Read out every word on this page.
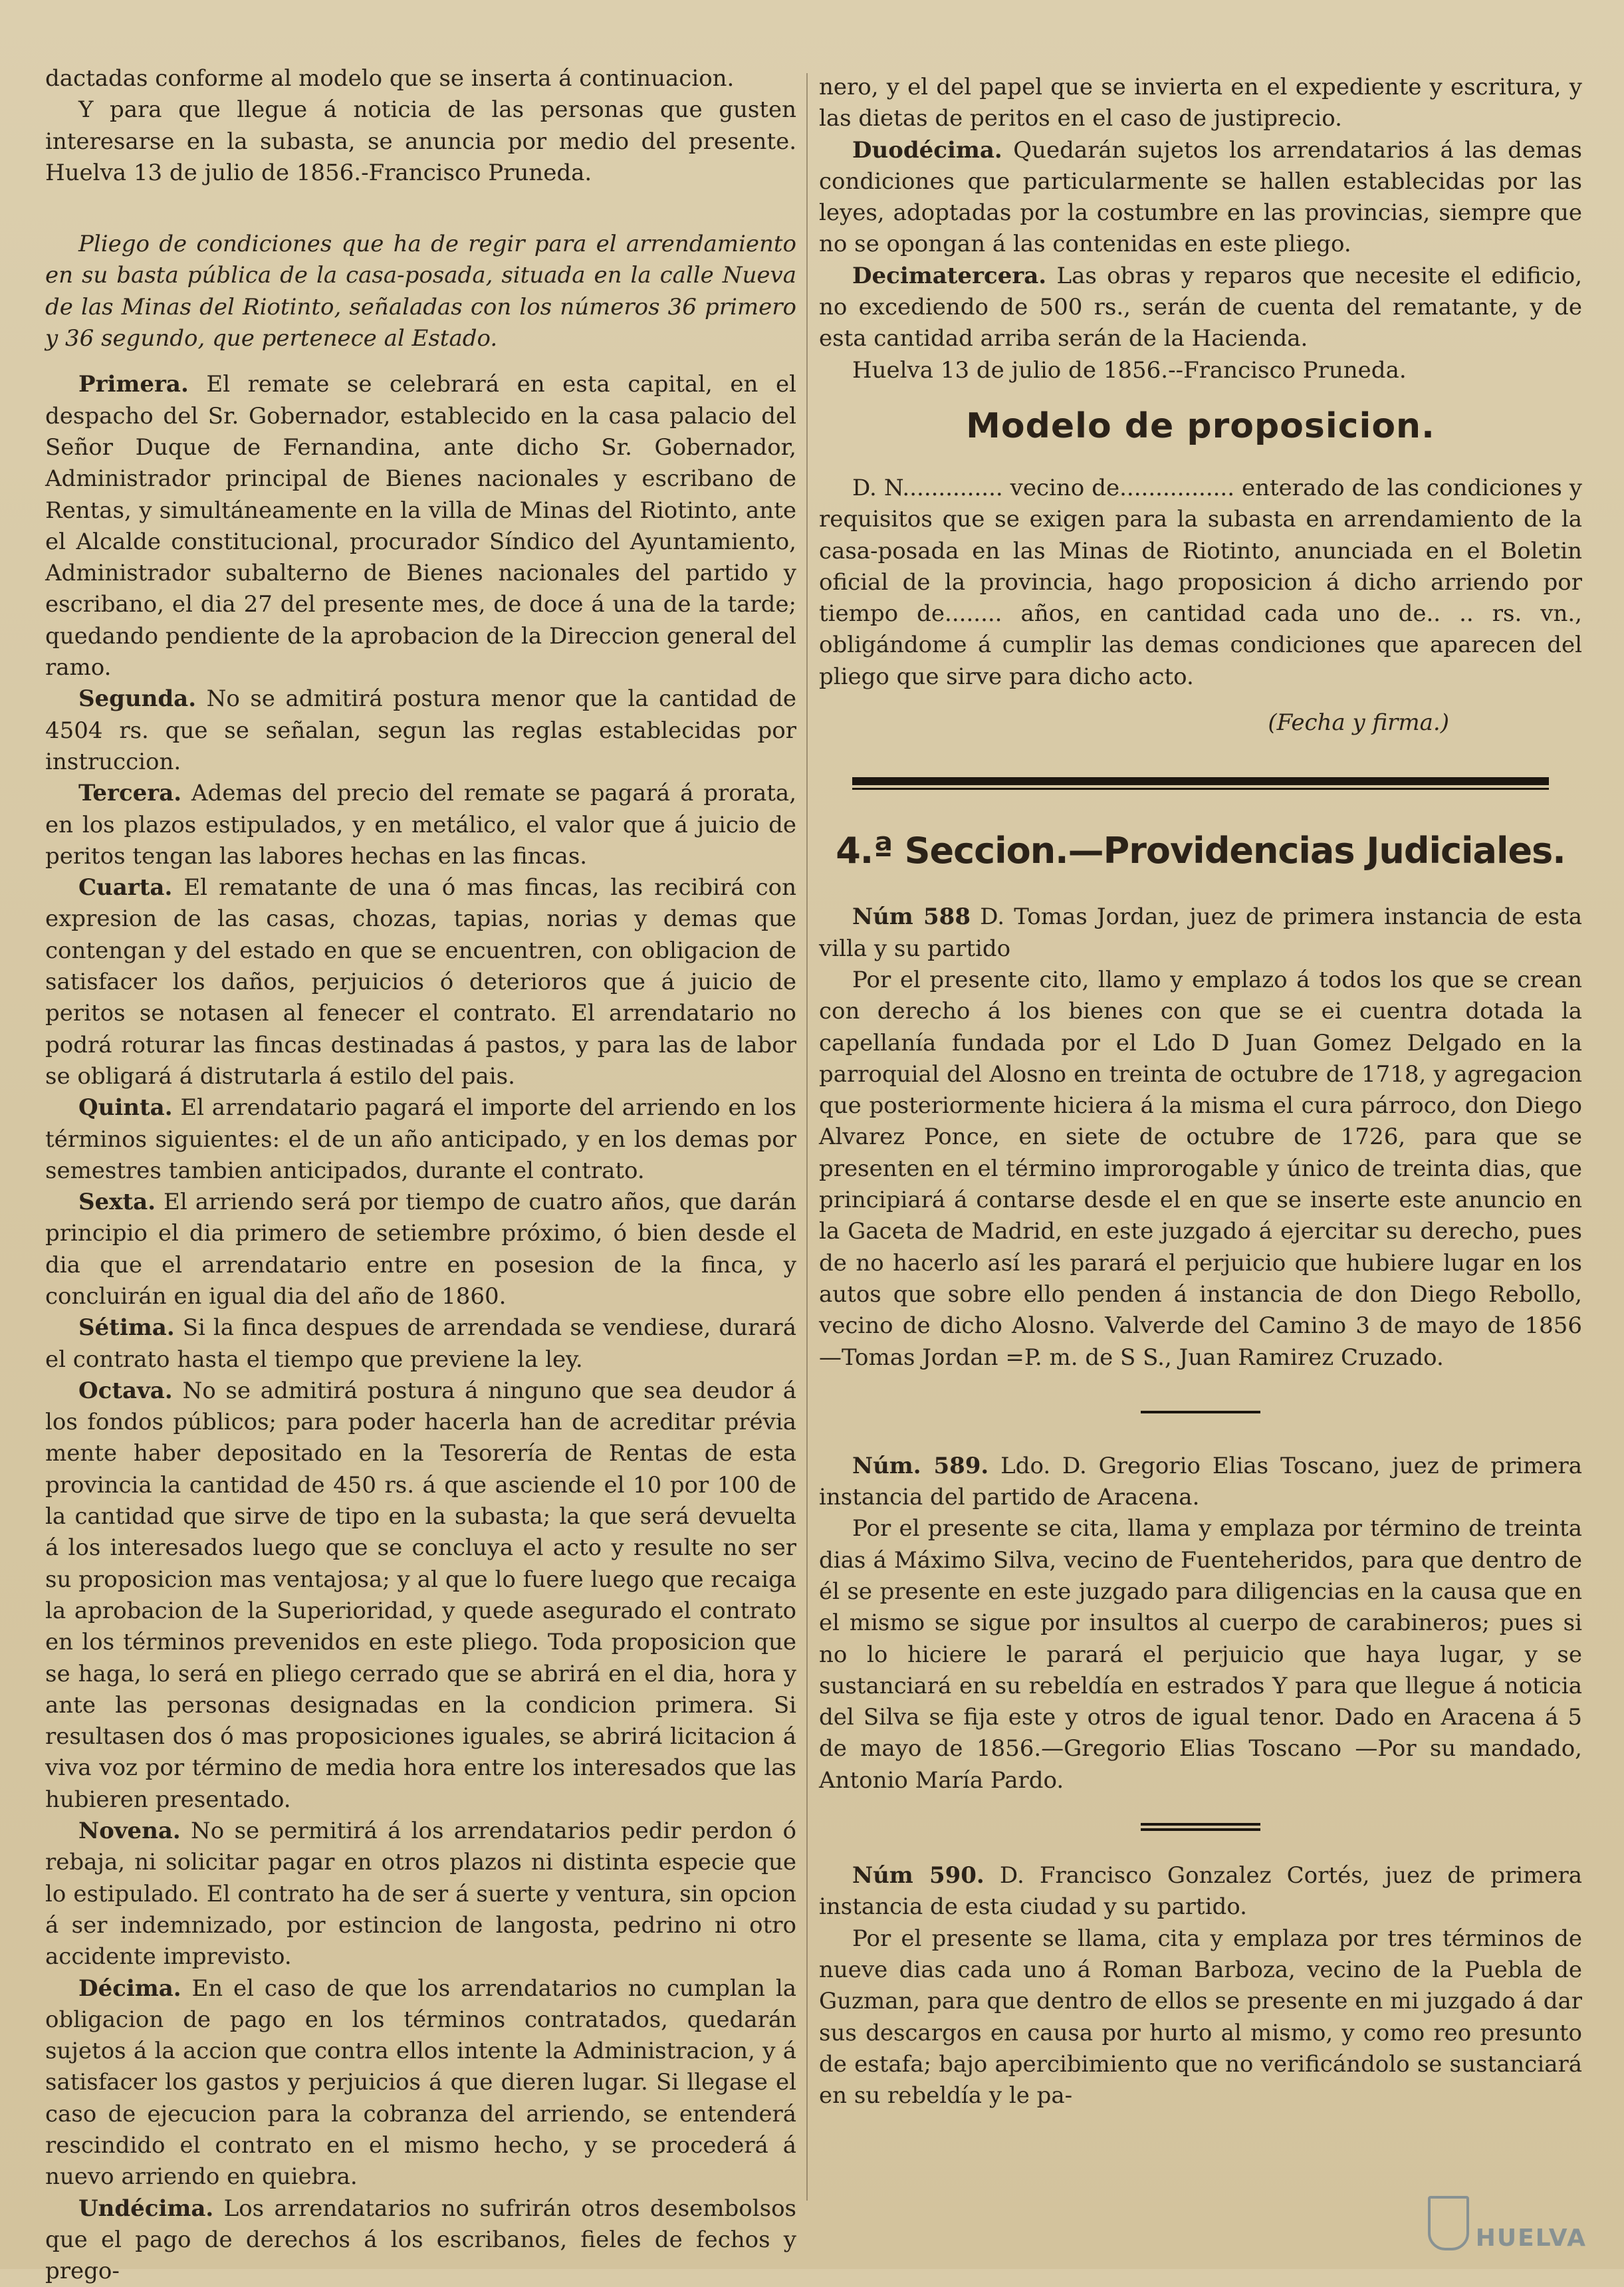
dactadas conforme al modelo que se inserta á continuacion.

Y para que llegue á noticia de las personas que gusten interesarse en la subasta, se anuncia por medio del presente. Huelva 13 de julio de 1856.-Francisco Pruneda.

Pliego de condiciones que ha de regir para el arrendamiento en su basta pública de la casa-posada, situada en la calle Nueva de las Minas del Riotinto, señaladas con los números 36 primero y 36 segundo, que pertenece al Estado.

Primera. El remate se celebrará en esta capital, en el despacho del Sr. Gobernador, establecido en la casa palacio del Señor Duque de Fernandina, ante dicho Sr. Gobernador, Administrador principal de Bienes nacionales y escribano de Rentas, y simultáneamente en la villa de Minas del Riotinto, ante el Alcalde constitucional, procurador Síndico del Ayuntamiento, Administrador subalterno de Bienes nacionales del partido y escribano, el dia 27 del presente mes, de doce á una de la tarde; quedando pendiente de la aprobacion de la Direccion general del ramo.

Segunda. No se admitirá postura menor que la cantidad de 4504 rs. que se señalan, segun las reglas establecidas por instruccion.

Tercera. Ademas del precio del remate se pagará á prorata, en los plazos estipulados, y en metálico, el valor que á juicio de peritos tengan las labores hechas en las fincas.

Cuarta. El rematante de una ó mas fincas, las recibirá con expresion de las casas, chozas, tapias, norias y demas que contengan y del estado en que se encuentren, con obligacion de satisfacer los daños, perjuicios ó deterioros que á juicio de peritos se notasen al fenecer el contrato. El arrendatario no podrá roturar las fincas destinadas á pastos, y para las de labor se obligará á distrutarla á estilo del pais.

Quinta. El arrendatario pagará el importe del arriendo en los términos siguientes: el de un año anticipado, y en los demas por semestres tambien anticipados, durante el contrato.

Sexta. El arriendo será por tiempo de cuatro años, que darán principio el dia primero de setiembre próximo, ó bien desde el dia que el arrendatario entre en posesion de la finca, y concluirán en igual dia del año de 1860.

Sétima. Si la finca despues de arrendada se vendiese, durará el contrato hasta el tiempo que previene la ley.

Octava. No se admitirá postura á ninguno que sea deudor á los fondos públicos; para poder hacerla han de acreditar prévia mente haber depositado en la Tesorería de Rentas de esta provincia la cantidad de 450 rs. á que asciende el 10 por 100 de la cantidad que sirve de tipo en la subasta; la que será devuelta á los interesados luego que se concluya el acto y resulte no ser su proposicion mas ventajosa; y al que lo fuere luego que recaiga la aprobacion de la Superioridad, y quede asegurado el contrato en los términos prevenidos en este pliego. Toda proposicion que se haga, lo será en pliego cerrado que se abrirá en el dia, hora y ante las personas designadas en la condicion primera. Si resultasen dos ó mas proposiciones iguales, se abrirá licitacion á viva voz por término de media hora entre los interesados que las hubieren presentado.

Novena. No se permitirá á los arrendatarios pedir perdon ó rebaja, ni solicitar pagar en otros plazos ni distinta especie que lo estipulado. El contrato ha de ser á suerte y ventura, sin opcion á ser indemnizado, por estincion de langosta, pedrino ni otro accidente imprevisto.

Décima. En el caso de que los arrendatarios no cumplan la obligacion de pago en los términos contratados, quedarán sujetos á la accion que contra ellos intente la Administracion, y á satisfacer los gastos y perjuicios á que dieren lugar. Si llegase el caso de ejecucion para la cobranza del arriendo, se entenderá rescindido el contrato en el mismo hecho, y se procederá á nuevo arriendo en quiebra.

Undécima. Los arrendatarios no sufrirán otros desembolsos que el pago de derechos á los escribanos, fieles de fechos y prego-

nero, y el del papel que se invierta en el expediente y escritura, y las dietas de peritos en el caso de justiprecio.

Duodécima. Quedarán sujetos los arrendatarios á las demas condiciones que particularmente se hallen establecidas por las leyes, adoptadas por la costumbre en las provincias, siempre que no se opongan á las contenidas en este pliego.

Decimatercera. Las obras y reparos que necesite el edificio, no excediendo de 500 rs., serán de cuenta del rematante, y de esta cantidad arriba serán de la Hacienda.

Huelva 13 de julio de 1856.--Francisco Pruneda.

Modelo de proposicion.

D. N.............. vecino de................ enterado de las condiciones y requisitos que se exigen para la subasta en arrendamiento de la casa-posada en las Minas de Riotinto, anunciada en el Boletin oficial de la provincia, hago proposicion á dicho arriendo por tiempo de........ años, en cantidad cada uno de.. .. rs. vn., obligándome á cumplir las demas condiciones que aparecen del pliego que sirve para dicho acto.

(Fecha y firma.)

4.ª Seccion.—Providencias Judiciales.

Núm 588 D. Tomas Jordan, juez de primera instancia de esta villa y su partido

Por el presente cito, llamo y emplazo á todos los que se crean con derecho á los bienes con que se ei cuentra dotada la capellanía fundada por el Ldo D Juan Gomez Delgado en la parroquial del Alosno en treinta de octubre de 1718, y agregacion que posteriormente hiciera á la misma el cura párroco, don Diego Alvarez Ponce, en siete de octubre de 1726, para que se presenten en el término improrogable y único de treinta dias, que principiará á contarse desde el en que se inserte este anuncio en la Gaceta de Madrid, en este juzgado á ejercitar su derecho, pues de no hacerlo así les parará el perjuicio que hubiere lugar en los autos que sobre ello penden á instancia de don Diego Rebollo, vecino de dicho Alosno. Valverde del Camino 3 de mayo de 1856 —Tomas Jordan =P. m. de S S., Juan Ramirez Cruzado.

Núm. 589. Ldo. D. Gregorio Elias Toscano, juez de primera instancia del partido de Aracena.

Por el presente se cita, llama y emplaza por término de treinta dias á Máximo Silva, vecino de Fuenteheridos, para que dentro de él se presente en este juzgado para diligencias en la causa que en el mismo se sigue por insultos al cuerpo de carabineros; pues si no lo hiciere le parará el perjuicio que haya lugar, y se sustanciará en su rebeldía en estrados Y para que llegue á noticia del Silva se fija este y otros de igual tenor. Dado en Aracena á 5 de mayo de 1856.—Gregorio Elias Toscano —Por su mandado, Antonio María Pardo.

Núm 590. D. Francisco Gonzalez Cortés, juez de primera instancia de esta ciudad y su partido.

Por el presente se llama, cita y emplaza por tres términos de nueve dias cada uno á Roman Barboza, vecino de la Puebla de Guzman, para que dentro de ellos se presente en mi juzgado á dar sus descargos en causa por hurto al mismo, y como reo presunto de estafa; bajo apercibimiento que no verificándolo se sustanciará en su rebeldía y le pa-

HUELVA
